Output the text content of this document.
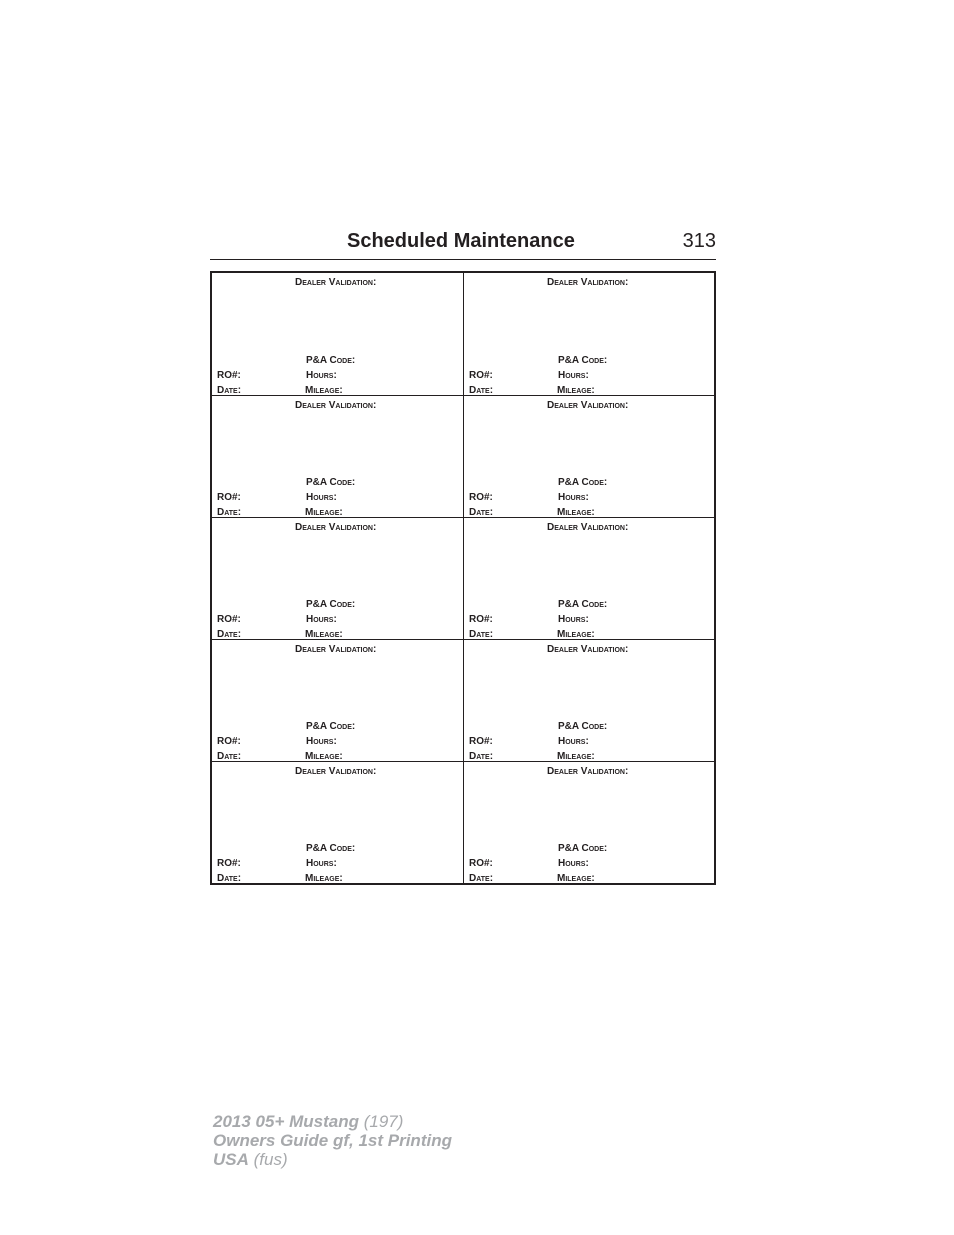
Scheduled Maintenance	313
Dealer Validation:
P&A Code:
RO#:	Hours:
Date:	Mileage:
Dealer Validation:
P&A Code:
RO#:	Hours:
Date:	Mileage:
Dealer Validation:
P&A Code:
RO#:	Hours:
Date:	Mileage:
Dealer Validation:
P&A Code:
RO#:	Hours:
Date:	Mileage:
Dealer Validation:
P&A Code:
RO#:	Hours:
Date:	Mileage:
Dealer Validation:
P&A Code:
RO#:	Hours:
Date:	Mileage:
Dealer Validation:
P&A Code:
RO#:	Hours:
Date:	Mileage:
Dealer Validation:
P&A Code:
RO#:	Hours:
Date:	Mileage:
Dealer Validation:
P&A Code:
RO#:	Hours:
Date:	Mileage:
Dealer Validation:
P&A Code:
RO#:	Hours:
Date:	Mileage:
2013 05+ Mustang (197)
Owners Guide gf, 1st Printing
USA (fus)
